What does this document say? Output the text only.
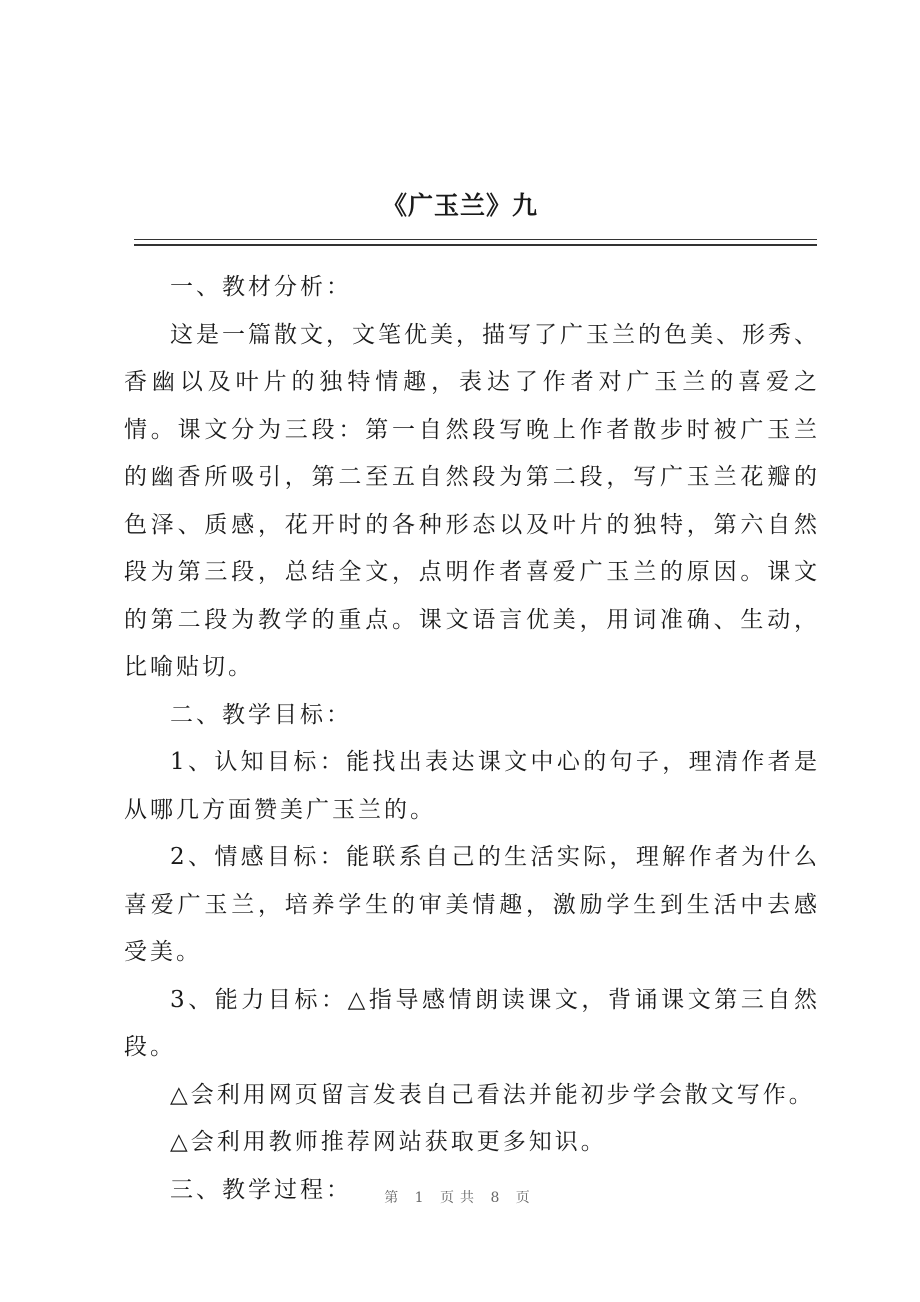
《广玉兰》九

一、教材分析：

这是一篇散文，文笔优美，描写了广玉兰的色美、形秀、香幽以及叶片的独特情趣，表达了作者对广玉兰的喜爱之情。课文分为三段：第一自然段写晚上作者散步时被广玉兰的幽香所吸引，第二至五自然段为第二段，写广玉兰花瓣的色泽、质感，花开时的各种形态以及叶片的独特，第六自然段为第三段，总结全文，点明作者喜爱广玉兰的原因。课文的第二段为教学的重点。课文语言优美，用词准确、生动，比喻贴切。

二、教学目标：

1、认知目标：能找出表达课文中心的句子，理清作者是从哪几方面赞美广玉兰的。

2、情感目标：能联系自己的生活实际，理解作者为什么喜爱广玉兰，培养学生的审美情趣，激励学生到生活中去感受美。

3、能力目标：△指导感情朗读课文，背诵课文第三自然段。

△会利用网页留言发表自己看法并能初步学会散文写作。

△会利用教师推荐网站获取更多知识。

三、教学过程：	第 1 页共 8 页
